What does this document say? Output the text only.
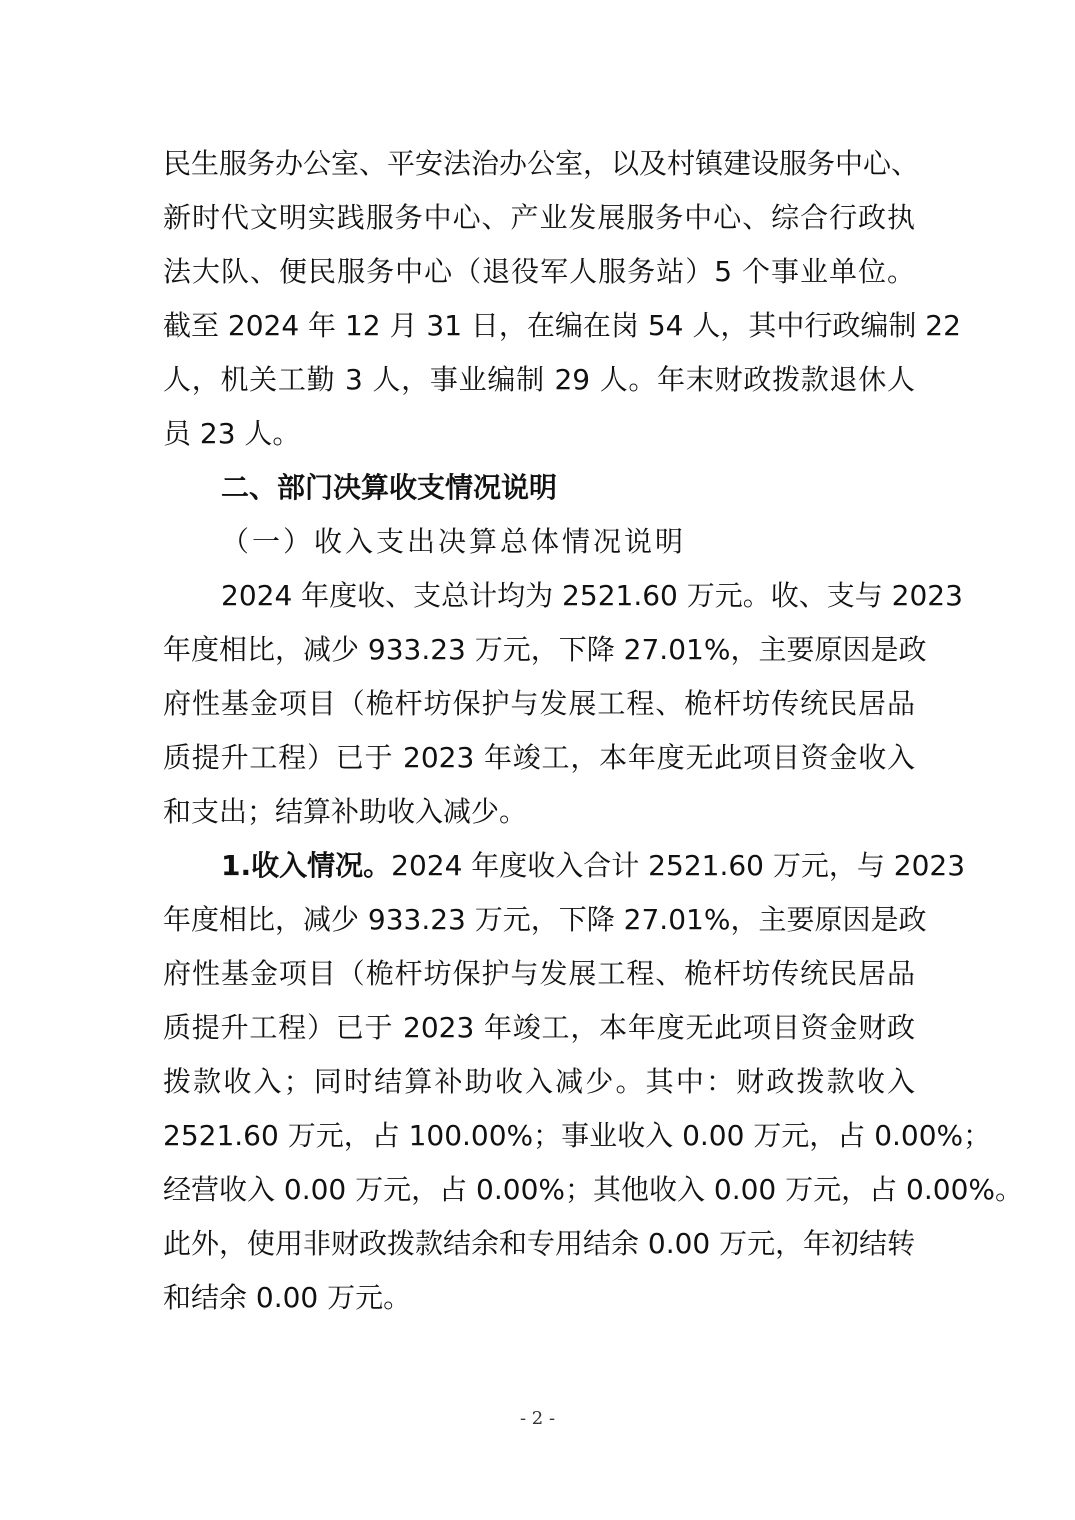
民生服务办公室、平安法治办公室，以及村镇建设服务中心、
新时代文明实践服务中心、产业发展服务中心、综合行政执
法大队、便民服务中心（退役军人服务站）5 个事业单位。
截至 2024 年 12 月 31 日，在编在岗 54 人，其中行政编制 22
人，机关工勤 3 人，事业编制 29 人。年末财政拨款退休人
员 23 人。
二、部门决算收支情况说明
（一）收入支出决算总体情况说明
2024 年度收、支总计均为 2521.60 万元。收、支与 2023
年度相比，减少 933.23 万元，下降 27.01%，主要原因是政
府性基金项目（桅杆坊保护与发展工程、桅杆坊传统民居品
质提升工程）已于 2023 年竣工，本年度无此项目资金收入
和支出；结算补助收入减少。
1.收入情况。2024 年度收入合计 2521.60 万元，与 2023
年度相比，减少 933.23 万元，下降 27.01%，主要原因是政
府性基金项目（桅杆坊保护与发展工程、桅杆坊传统民居品
质提升工程）已于 2023 年竣工，本年度无此项目资金财政
拨款收入；同时结算补助收入减少。其中：财政拨款收入
2521.60 万元，占 100.00%；事业收入 0.00 万元，占 0.00%；
经营收入 0.00 万元，占 0.00%；其他收入 0.00 万元，占 0.00%。
此外，使用非财政拨款结余和专用结余 0.00 万元，年初结转
和结余 0.00 万元。
- 2 -
